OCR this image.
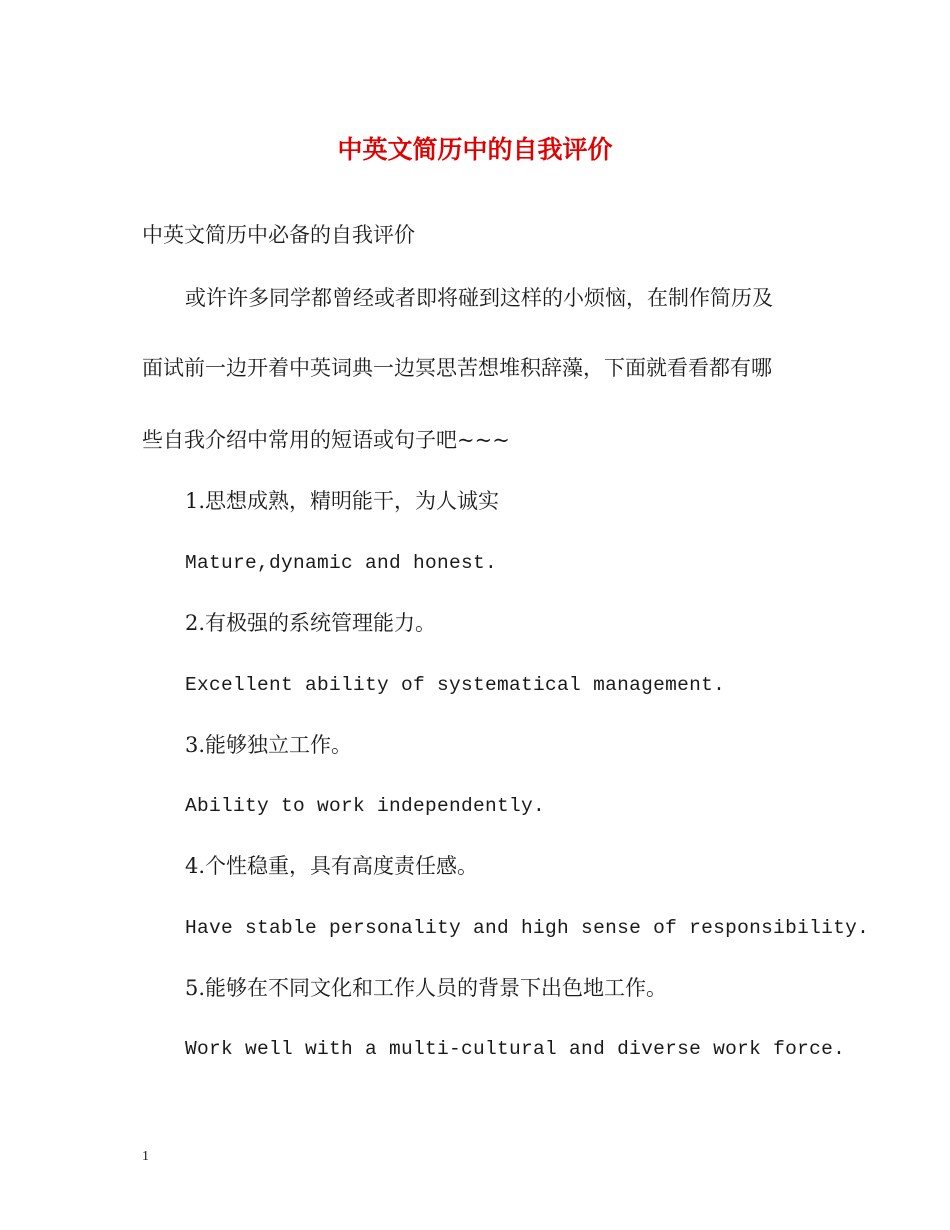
中英文简历中的自我评价
中英文简历中必备的自我评价
或许许多同学都曾经或者即将碰到这样的小烦恼，在制作简历及
面试前一边开着中英词典一边冥思苦想堆积辞藻，下面就看看都有哪
些自我介绍中常用的短语或句子吧~~~
1.思想成熟，精明能干，为人诚实
Mature,dynamic and honest.
2.有极强的系统管理能力。
Excellent ability of systematical management.
3.能够独立工作。
Ability to work independently.
4.个性稳重，具有高度责任感。
Have stable personality and high sense of responsibility.
5.能够在不同文化和工作人员的背景下出色地工作。
Work well with a multi-cultural and diverse work force.
1
